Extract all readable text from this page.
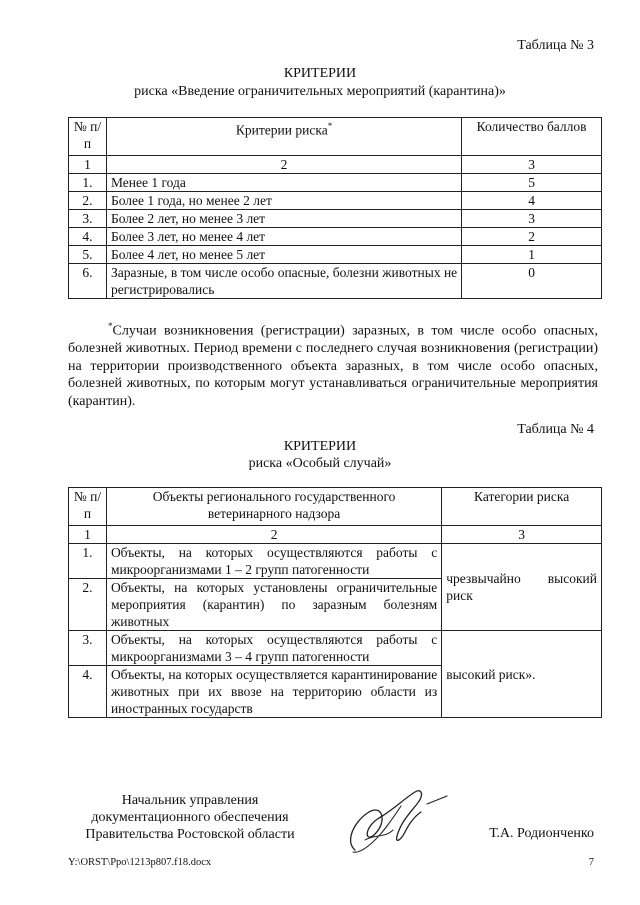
Таблица № 3
КРИТЕРИИ
риска «Введение ограничительных мероприятий (карантина)»
№ п/п	Критерии риска*	Количество баллов
1	2	3
1.	Менее 1 года	5
2.	Более 1 года, но менее 2 лет	4
3.	Более 2 лет, но менее 3 лет	3
4.	Более 3 лет, но менее 4 лет	2
5.	Более 4 лет, но менее 5 лет	1
6.	Заразные, в том числе особо опасные, болезни животных не регистрировались	0
*Случаи возникновения (регистрации) заразных, в том числе особо опасных, болезней животных. Период времени с последнего случая возникновения (регистрации) на территории производственного объекта заразных, в том числе особо опасных, болезней животных, по которым могут устанавливаться ограничительные мероприятия (карантин).
Таблица № 4
КРИТЕРИИ
риска «Особый случай»
№ п/п	Объекты регионального государственного ветеринарного надзора	Категории риска
1	2	3
1.	Объекты, на которых осуществляются работы с микроорганизмами 1 – 2 групп патогенности	чрезвычайно высокий риск
2.	Объекты, на которых установлены ограничительные мероприятия (карантин) по заразным болезням животных	
3.	Объекты, на которых осуществляются работы с микроорганизмами 3 – 4 групп патогенности	высокий риск».
4.	Объекты, на которых осуществляется карантинирование животных при их ввозе на территорию области из иностранных государств	
Начальник управления
документационного обеспечения
Правительства Ростовской области	Т.А. Родионченко
Y:\ORST\Ppo\1213p807.f18.docx	7
